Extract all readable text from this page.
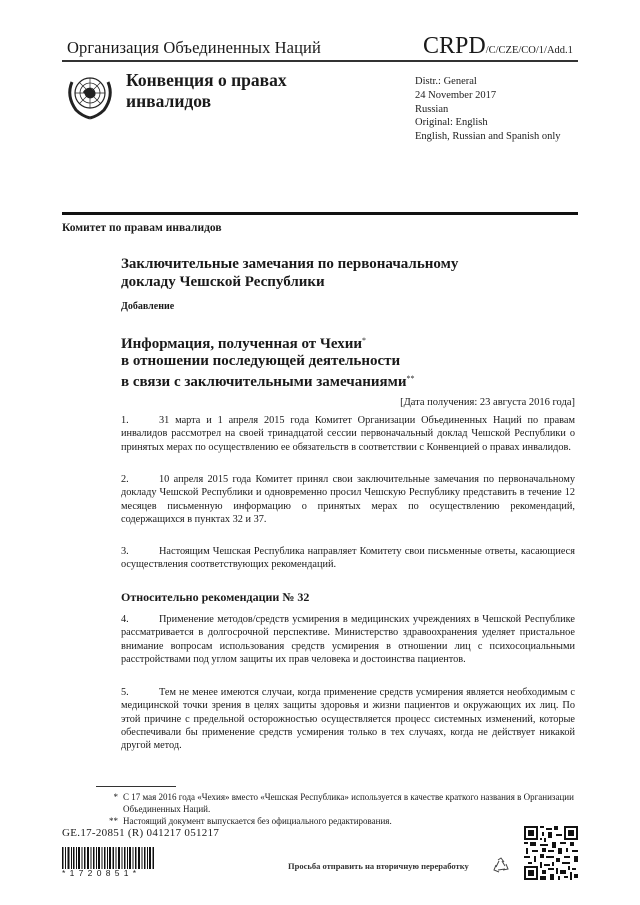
Организация Объединенных Наций	CRPD/C/CZE/CO/1/Add.1
Конвенция о правах
инвалидов
Distr.: General
24 November 2017
Russian
Original: English
English, Russian and Spanish only
Комитет по правам инвалидов
Заключительные замечания по первоначальному
докладу Чешской Республики
Добавление
Информация, полученная от Чехии*
в отношении последующей деятельности
в связи с заключительными замечаниями**
[Дата получения: 23 августа 2016 года]
1.	31 марта и 1 апреля 2015 года Комитет Организации Объединенных Наций по правам инвалидов рассмотрел на своей тринадцатой сессии первоначальный доклад Чешской Республики о принятых мерах по осуществлению ее обязательств в соответствии с Конвенцией о правах инвалидов.
2.	10 апреля 2015 года Комитет принял свои заключительные замечания по первоначальному докладу Чешской Республики и одновременно просил Чешскую Республику представить в течение 12 месяцев письменную информацию о принятых мерах по осуществлению рекомендаций, содержащихся в пунктах 32 и 37.
3.	Настоящим Чешская Республика направляет Комитету свои письменные ответы, касающиеся осуществления соответствующих рекомендаций.
Относительно рекомендации № 32
4.	Применение методов/средств усмирения в медицинских учреждениях в Чешской Республике рассматривается в долгосрочной перспективе. Министерство здравоохранения уделяет пристальное внимание вопросам использования средств усмирения в отношении лиц с психосоциальными расстройствами под углом защиты их прав человека и достоинства пациентов.
5.	Тем не менее имеются случаи, когда применение средств усмирения является необходимым с медицинской точки зрения в целях защиты здоровья и жизни пациентов и окружающих их лиц. По этой причине с предельной осторожностью осуществляется процесс системных изменений, которые обеспечивали бы применение средств усмирения только в тех случаях, когда не действует никакой другой метод.
* С 17 мая 2016 года «Чехия» вместо «Чешская Республика» используется в качестве краткого названия в Организации Объединенных Наций.
** Настоящий документ выпускается без официального редактирования.
GE.17-20851 (R) 041217 051217
*1720851*
Просьба отправить на вторичную переработку
